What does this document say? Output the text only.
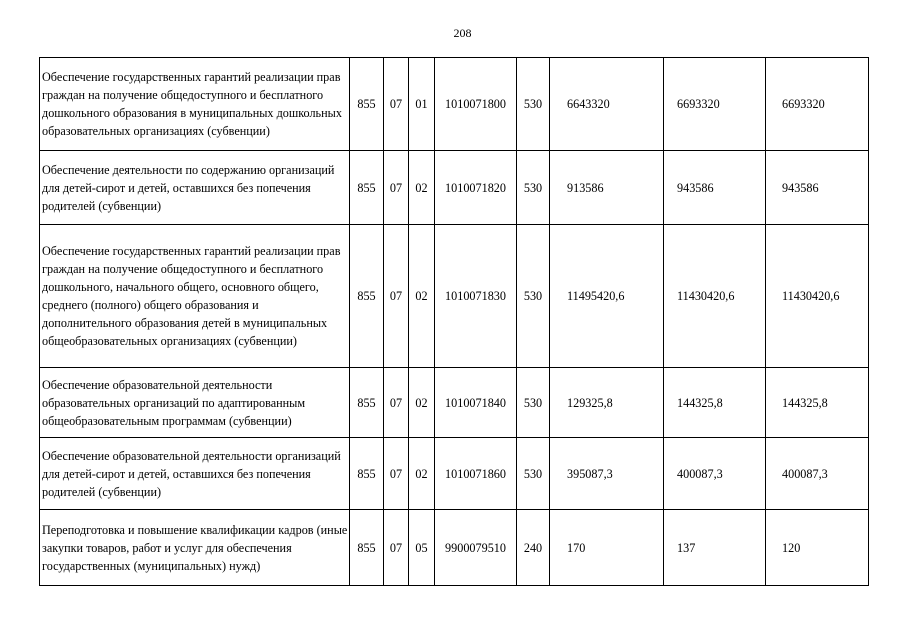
208
Обеспечение государственных гарантий реализации прав граждан на получение общедоступного и бесплатного дошкольного образования в муниципальных дошкольных образовательных организациях (субвенции)	855	07	01	1010071800	530	6643320	6693320	6693320
Обеспечение деятельности по содержанию организаций для детей-сирот и детей, оставшихся без попечения родителей (субвенции)	855	07	02	1010071820	530	913586	943586	943586
Обеспечение государственных гарантий реализации прав граждан на получение общедоступного и бесплатного дошкольного, начального общего, основного общего, среднего (полного) общего образования и дополнительного образования детей в муниципальных общеобразовательных организациях (субвенции)	855	07	02	1010071830	530	11495420,6	11430420,6	11430420,6
Обеспечение образовательной деятельности образовательных организаций по адаптированным общеобразовательным программам (субвенции)	855	07	02	1010071840	530	129325,8	144325,8	144325,8
Обеспечение образовательной деятельности организаций для детей-сирот и детей, оставшихся без попечения родителей (субвенции)	855	07	02	1010071860	530	395087,3	400087,3	400087,3
Переподготовка и повышение квалификации кадров (иные закупки товаров, работ и услуг для обеспечения государственных (муниципальных) нужд)	855	07	05	9900079510	240	170	137	120
